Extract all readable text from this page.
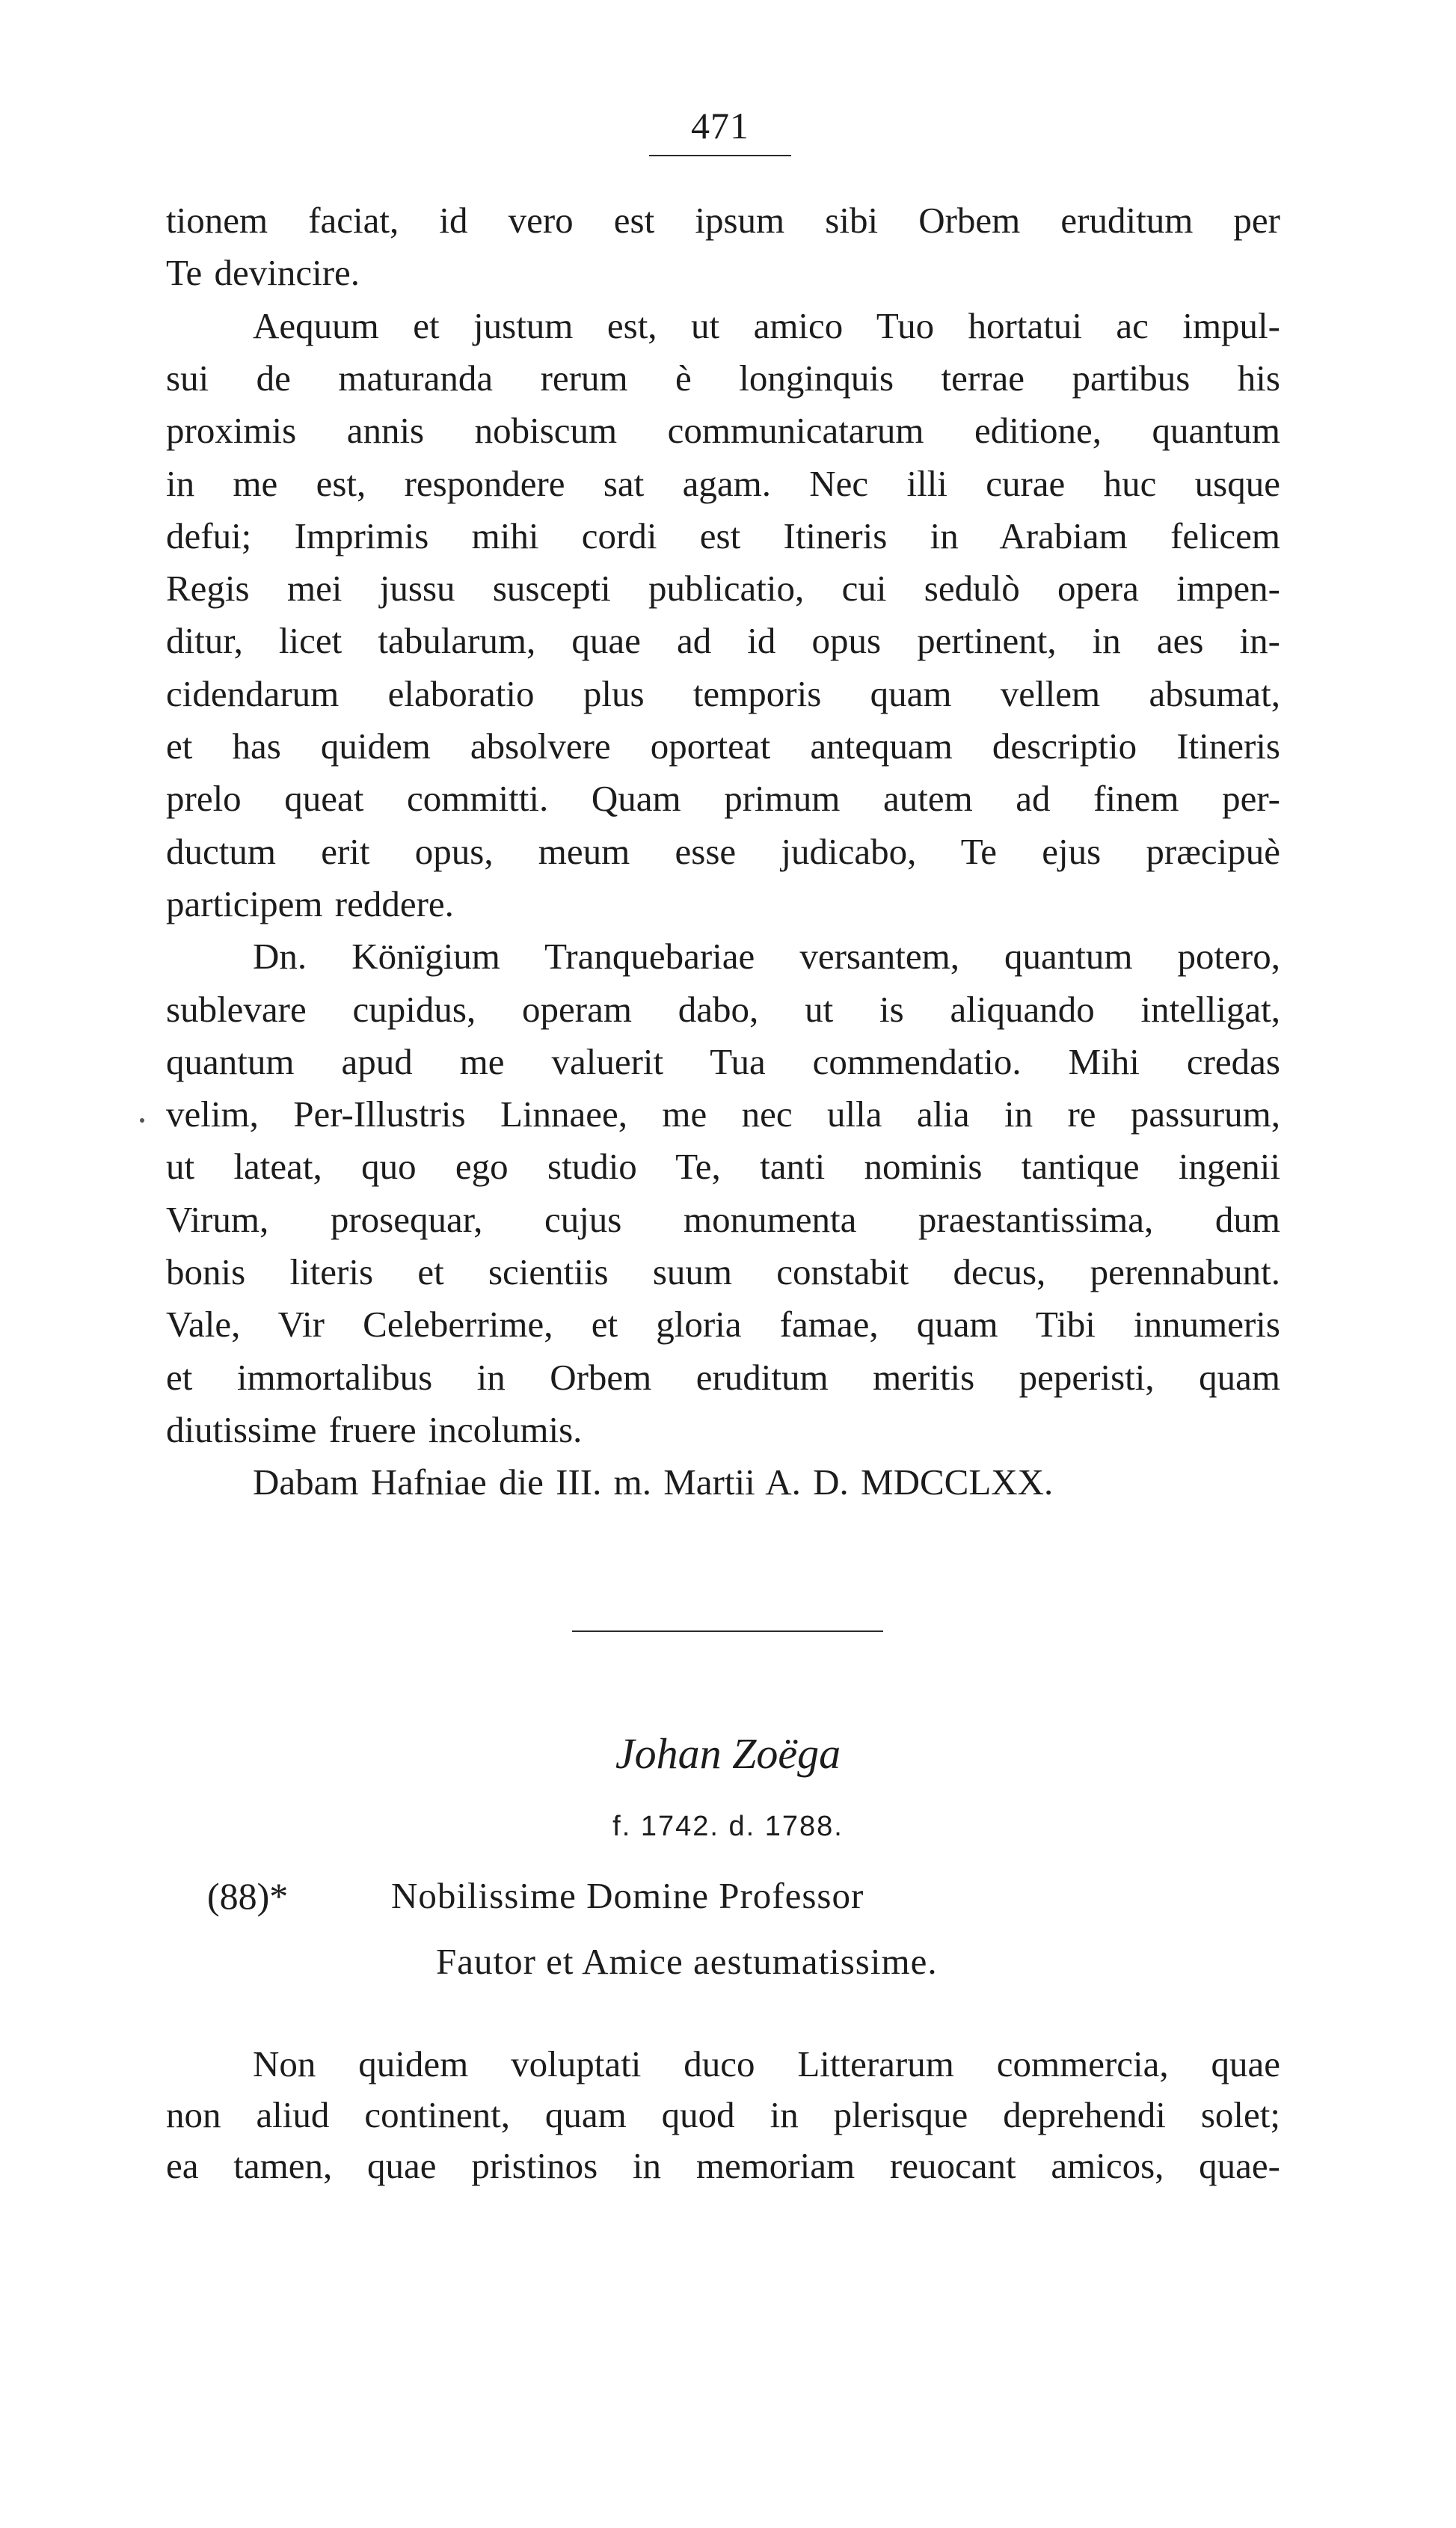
471
tionem faciat, id vero est ipsum sibi Orbem eruditum per
Te devincire.
Aequum et justum est, ut amico Tuo hortatui ac impul-
sui de maturanda rerum è longinquis terrae partibus his
proximis annis nobiscum communicatarum editione, quantum
in me est, respondere sat agam. Nec illi curae huc usque
defui; Imprimis mihi cordi est Itineris in Arabiam felicem
Regis mei jussu suscepti publicatio, cui sedulò opera impen-
ditur, licet tabularum, quae ad id opus pertinent, in aes in-
cidendarum elaboratio plus temporis quam vellem absumat,
et has quidem absolvere oporteat antequam descriptio Itineris
prelo queat committi. Quam primum autem ad finem per-
ductum erit opus, meum esse judicabo, Te ejus præcipuè
participem reddere.
Dn. Könïgium Tranquebariae versantem, quantum potero,
sublevare cupidus, operam dabo, ut is aliquando intelligat,
quantum apud me valuerit Tua commendatio. Mihi credas
velim, Per-Illustris Linnaee, me nec ulla alia in re passurum,
ut lateat, quo ego studio Te, tanti nominis tantique ingenii
Virum, prosequar, cujus monumenta praestantissima, dum
bonis literis et scientiis suum constabit decus, perennabunt.
Vale, Vir Celeberrime, et gloria famae, quam Tibi innumeris
et immortalibus in Orbem eruditum meritis peperisti, quam
diutissime fruere incolumis.
Dabam Hafniae die III. m. Martii A. D. MDCCLXX.
Johan Zoëga
f. 1742. d. 1788.
(88)*	Nobilissime Domine Professor
Fautor et Amice aestumatissime.
Non quidem voluptati duco Litterarum commercia, quae
non aliud continent, quam quod in plerisque deprehendi solet;
ea tamen, quae pristinos in memoriam reuocant amicos, quae-
